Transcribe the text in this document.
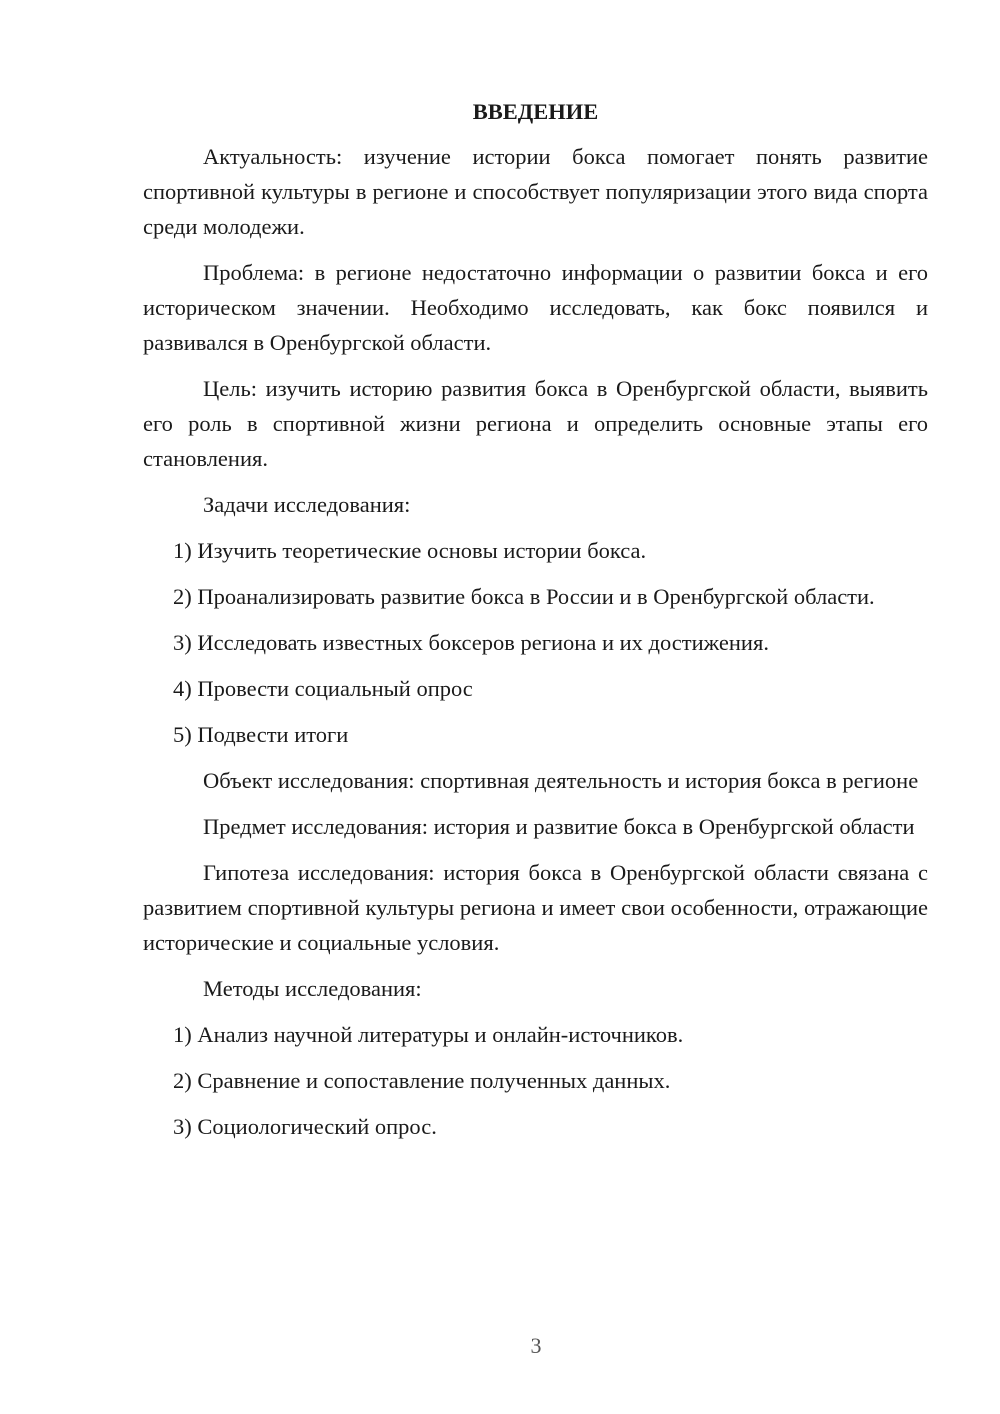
ВВЕДЕНИЕ

Актуальность: изучение истории бокса помогает понять развитие спортивной культуры в регионе и способствует популяризации этого вида спорта среди молодежи.

Проблема: в регионе недостаточно информации о развитии бокса и его историческом значении. Необходимо исследовать, как бокс появился и развивался в Оренбургской области.

Цель: изучить историю развития бокса в Оренбургской области, выявить его роль в спортивной жизни региона и определить основные этапы его становления.

Задачи исследования:

1) Изучить теоретические основы истории бокса.

2) Проанализировать развитие бокса в России и в Оренбургской области.

3) Исследовать известных боксеров региона и их достижения.

4) Провести социальный опрос

5) Подвести итоги

Объект исследования: спортивная деятельность и история бокса в регионе

Предмет исследования: история и развитие бокса в Оренбургской области

Гипотеза исследования: история бокса в Оренбургской области связана с развитием спортивной культуры региона и имеет свои особенности, отражающие исторические и социальные условия.

Методы исследования:

1) Анализ научной литературы и онлайн-источников.

2) Сравнение и сопоставление полученных данных.

3) Социологический опрос.

3
